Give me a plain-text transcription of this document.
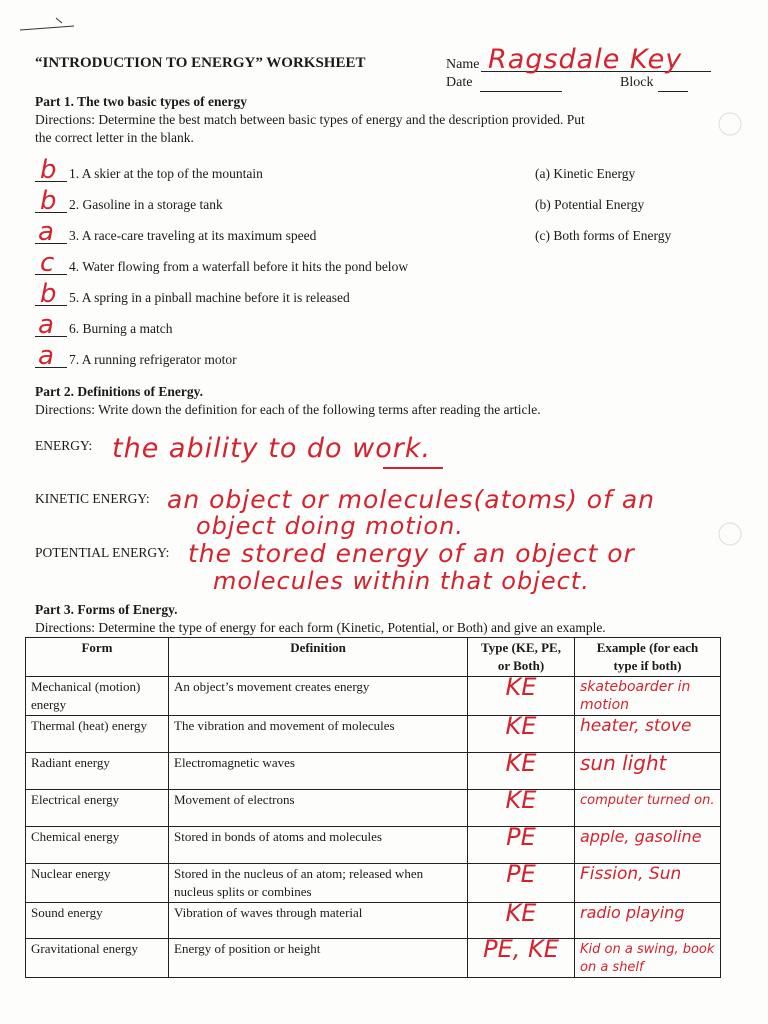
“INTRODUCTION TO ENERGY” WORKSHEET	Name Ragsdale Key
Date	Block
Part 1. The two basic types of energy
Directions: Determine the best match between basic types of energy and the description provided. Put
the correct letter in the blank.
b 1. A skier at the top of the mountain
b 2. Gasoline in a storage tank
a 3. A race-care traveling at its maximum speed
c 4. Water flowing from a waterfall before it hits the pond below
b 5. A spring in a pinball machine before it is released
a 6. Burning a match
a 7. A running refrigerator motor
(a) Kinetic Energy
(b) Potential Energy
(c) Both forms of Energy
Part 2. Definitions of Energy.
Directions: Write down the definition for each of the following terms after reading the article.
ENERGY: the ability to do work.
KINETIC ENERGY: an object or molecules(atoms) of an
object doing motion.
POTENTIAL ENERGY: the stored energy of an object or
molecules within that object.
Part 3. Forms of Energy.
Directions: Determine the type of energy for each form (Kinetic, Potential, or Both) and give an example.
Form	Definition	Type (KE, PE,
or Both)	Example (for each
type if both)
Mechanical (motion) energy	An object’s movement creates energy	KE	skateboarder in motion
Thermal (heat) energy	The vibration and movement of molecules	KE	heater, stove
Radiant energy	Electromagnetic waves	KE	sun light
Electrical energy	Movement of electrons	KE	computer turned on.
Chemical energy	Stored in bonds of atoms and molecules	PE	apple, gasoline
Nuclear energy	Stored in the nucleus of an atom; released when nucleus splits or combines	PE	Fission, Sun
Sound energy	Vibration of waves through material	KE	radio playing
Gravitational energy	Energy of position or height	PE, KE	Kid on a swing, book on a shelf
